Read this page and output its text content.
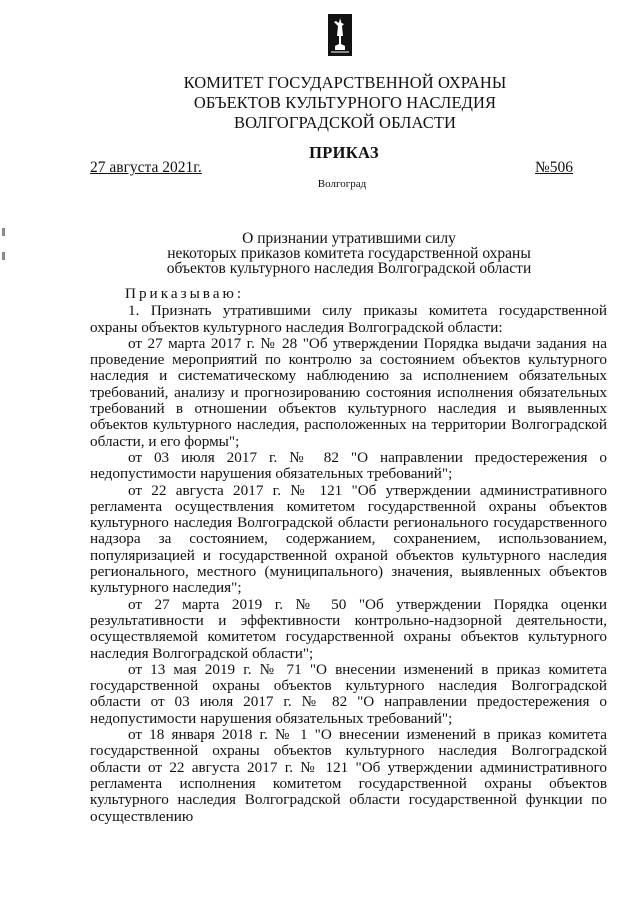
КОМИТЕТ ГОСУДАРСТВЕННОЙ ОХРАНЫ
ОБЪЕКТОВ КУЛЬТУРНОГО НАСЛЕДИЯ
ВОЛГОГРАДСКОЙ ОБЛАСТИ
ПРИКАЗ
27 августа 2021г.	№506
Волгоград
О признании утратившими силу
некоторых приказов комитета государственной охраны
объектов культурного наследия Волгоградской области

Приказываю:

1. Признать утратившими силу приказы комитета государственной охраны объектов культурного наследия Волгоградской области:

от 27 марта 2017 г. № 28 "Об утверждении Порядка выдачи задания на проведение мероприятий по контролю за состоянием объектов культурного наследия и систематическому наблюдению за исполнением обязательных требований, анализу и прогнозированию состояния исполнения обязательных требований в отношении объектов культурного наследия и выявленных объектов культурного наследия, расположенных на территории Волгоградской области, и его формы";

от 03 июля 2017 г. № 82 "О направлении предостережения о недопустимости нарушения обязательных требований";

от 22 августа 2017 г. № 121 "Об утверждении административного регламента осуществления комитетом государственной охраны объектов культурного наследия Волгоградской области регионального государственного надзора за состоянием, содержанием, сохранением, использованием, популяризацией и государственной охраной объектов культурного наследия регионального, местного (муниципального) значения, выявленных объектов культурного наследия";

от 27 марта 2019 г. № 50 "Об утверждении Порядка оценки результативности и эффективности контрольно-надзорной деятельности, осуществляемой комитетом государственной охраны объектов культурного наследия Волгоградской области";

от 13 мая 2019 г. № 71 "О внесении изменений в приказ комитета государственной охраны объектов культурного наследия Волгоградской области от 03 июля 2017 г. № 82 "О направлении предостережения о недопустимости нарушения обязательных требований";

от 18 января 2018 г. № 1 "О внесении изменений в приказ комитета государственной охраны объектов культурного наследия Волгоградской области от 22 августа 2017 г. № 121 "Об утверждении административного регламента исполнения комитетом государственной охраны объектов культурного наследия Волгоградской области государственной функции по осуществлению
